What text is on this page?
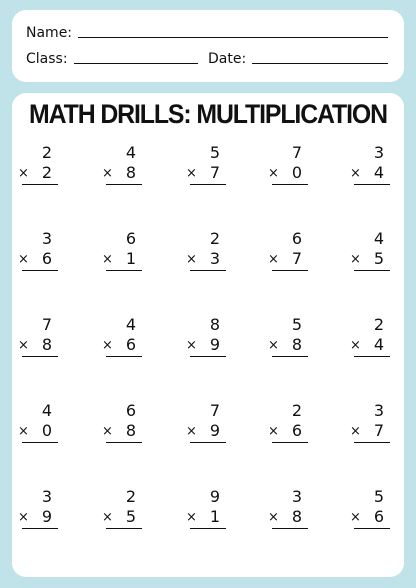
Name:
Class:	Date:
MATH DRILLS: MULTIPLICATION
2
× 2
4
× 8
5
× 7
7
× 0
3
× 4
3
× 6
6
× 1
2
× 3
6
× 7
4
× 5
7
× 8
4
× 6
8
× 9
5
× 8
2
× 4
4
× 0
6
× 8
7
× 9
2
× 6
3
× 7
3
× 9
2
× 5
9
× 1
3
× 8
5
× 6
